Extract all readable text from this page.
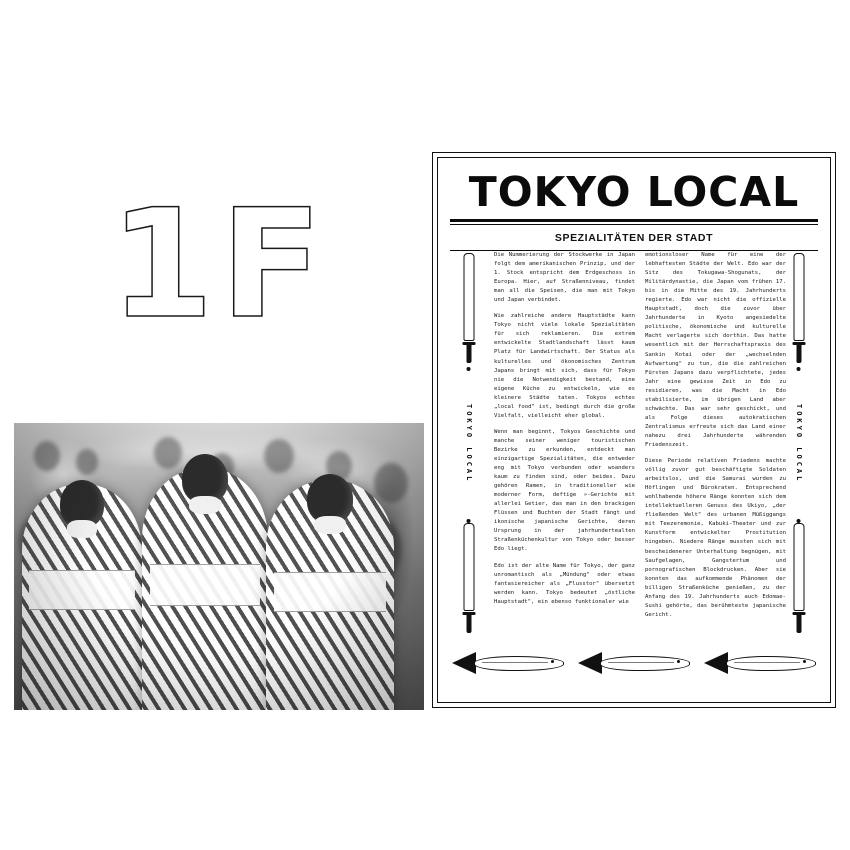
1F	TOKYO LOCAL
SPEZIALITÄTEN DER STADT
TOKYO LOCAL

Die Nummerierung der Stockwerke in Japan folgt dem amerikanischen Prinzip, und der 1. Stock entspricht dem Erdgeschoss in Europa. Hier, auf Straßenniveau, findet man all die Speisen, die man mit Tokyo und Japan verbindet.

Wie zahlreiche andere Hauptstädte kann Tokyo nicht viele lokale Spezialitäten für sich reklamieren. Die extrem entwickelte Stadtlandschaft lässt kaum Platz für Landwirtschaft. Der Status als kulturelles und ökonomisches Zentrum Japans bringt mit sich, dass für Tokyo nie die Notwendigkeit bestand, eine eigene Küche zu entwickeln, wie es kleinere Städte taten. Tokyos echtes „local food" ist, bedingt durch die große Vielfalt, vielleicht eher global.

Wenn man beginnt, Tokyos Geschichte und manche seiner weniger touristischen Bezirke zu erkunden, entdeckt man einzigartige Spezialitäten, die entweder eng mit Tokyo verbunden oder woanders kaum zu finden sind, oder beides. Dazu gehören Ramen, in traditioneller wie moderner Form, deftige »-Gerichte mit allerlei Getier, das man in den brackigen Flüssen und Buchten der Stadt fängt und ikonische japanische Gerichte, deren Ursprung in der jahrhundertealten Straßenküchenkultur von Tokyo oder besser Edo liegt.

Edo ist der alte Name für Tokyo, der ganz unromantisch als „Mündung" oder etwas fantasiereicher als „Flusstor" übersetzt werden kann. Tokyo bedeutet „östliche Hauptstadt", ein ebenso funktionaler wie

emotionsloser Name für eine der lebhaftesten Städte der Welt. Edo war der Sitz des Tokugawa-Shogunats, der Militärdynastie, die Japan vom frühen 17. bis in die Mitte des 19. Jahrhunderts regierte. Edo war nicht die offizielle Hauptstadt, doch die zuvor über Jahrhunderte in Kyoto angesiedelte politische, ökonomische und kulturelle Macht verlagerte sich dorthin. Das hatte wesentlich mit der Herrschaftspraxis des Sankin Kotai oder der „wechselnden Aufwartung" zu tun, die die zahlreichen Fürsten Japans dazu verpflichtete, jedes Jahr eine gewisse Zeit in Edo zu residieren, was die Macht in Edo stabilisierte, im übrigen Land aber schwächte. Das war sehr geschickt, und als Folge dieses autokratischen Zentralismus erfreute sich das Land einer nahezu drei Jahrhunderte währenden Friedenszeit.

Diese Periode relativen Friedens machte völlig zuvor gut beschäftigte Soldaten arbeitslos, und die Samurai wurden zu Höflingen und Bürokraten. Entsprechend wohlhabende höhere Ränge konnten sich dem intellektuelleren Genuss des Ukiyo, „der fließenden Welt" des urbanen Müßiggangs mit Teezeremonie, Kabuki-Theater und zur Kunstform entwickelter Prostitution hingeben. Niedere Ränge mussten sich mit bescheidenerer Unterhaltung begnügen, mit Saufgelagen, Gangstertum und pornografischen Blockdrucken. Aber sie konnten das aufkommende Phänomen der billigen Straßenküche genießen, zu der Anfang des 19. Jahrhunderts auch Edomae-Sushi gehörte, das berühmteste japanische Gericht.

TOKYO LOCAL
